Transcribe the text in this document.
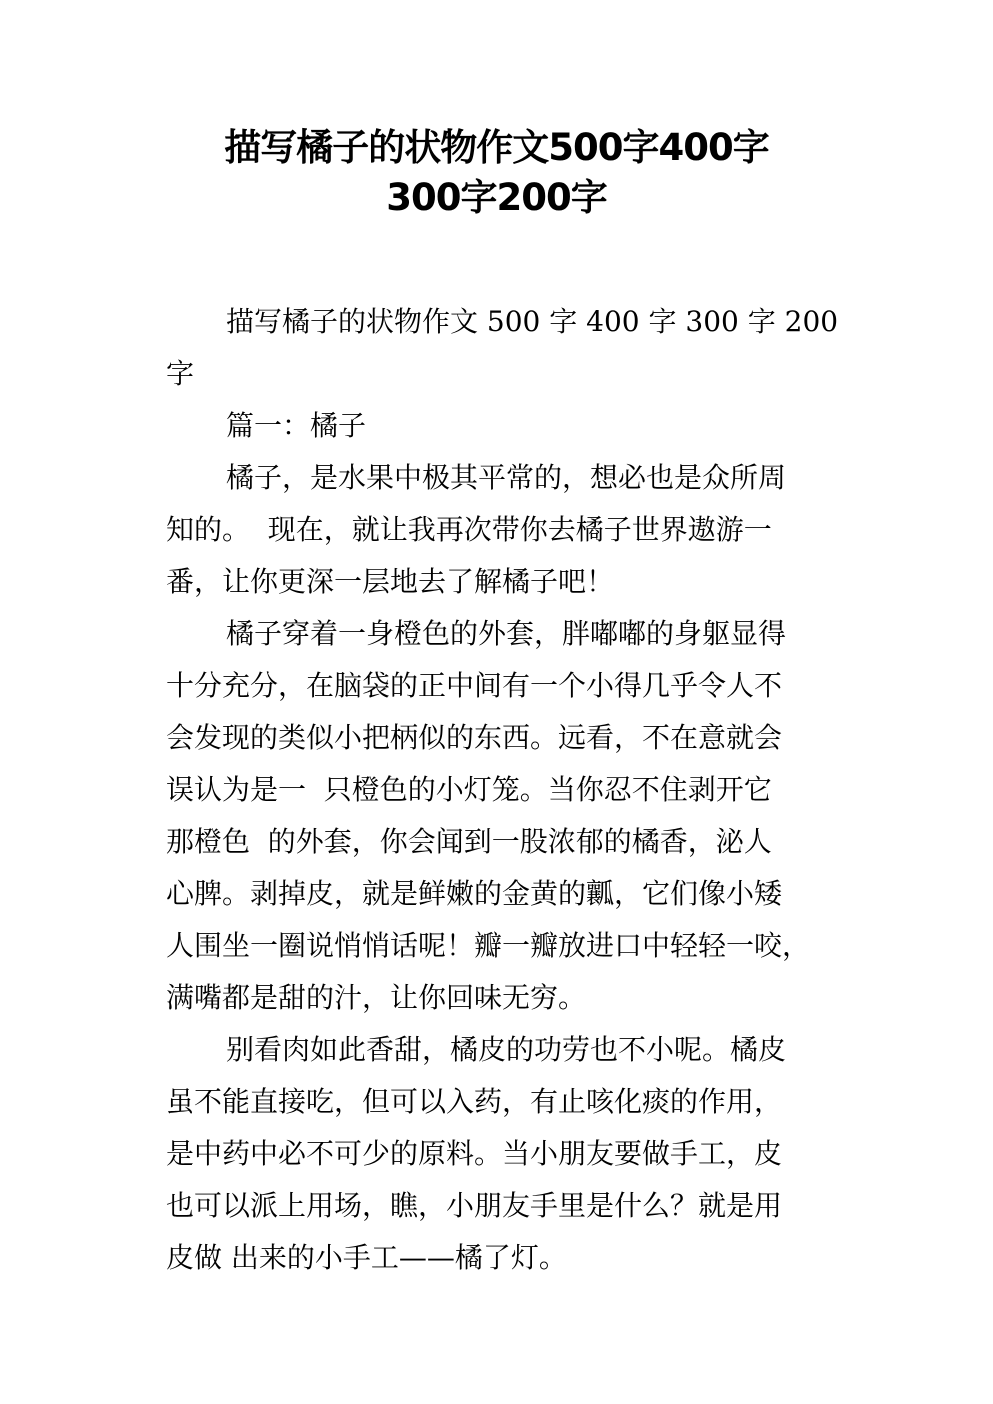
描写橘子的状物作文500字400字
300字200字
描写橘子的状物作文 500 字 400 字 300 字 200
字
篇一：橘子
橘子，是水果中极其平常的，想必也是众所周
知的。  现在，就让我再次带你去橘子世界遨游一
番，让你更深一层地去了解橘子吧！
橘子穿着一身橙色的外套，胖嘟嘟的身躯显得
十分充分，在脑袋的正中间有一个小得几乎令人不
会发现的类似小把柄似的东西。远看，不在意就会
误认为是一  只橙色的小灯笼。当你忍不住剥开它
那橙色  的外套，你会闻到一股浓郁的橘香，泌人
心脾。剥掉皮，就是鲜嫩的金黄的瓤，它们像小矮
人围坐一圈说悄悄话呢！瓣一瓣放进口中轻轻一咬，
满嘴都是甜的汁，让你回味无穷。
别看肉如此香甜，橘皮的功劳也不小呢。橘皮
虽不能直接吃，但可以入药，有止咳化痰的作用，
是中药中必不可少的原料。当小朋友要做手工，皮
也可以派上用场，瞧，小朋友手里是什么？就是用
皮做 出来的小手工——橘了灯。
